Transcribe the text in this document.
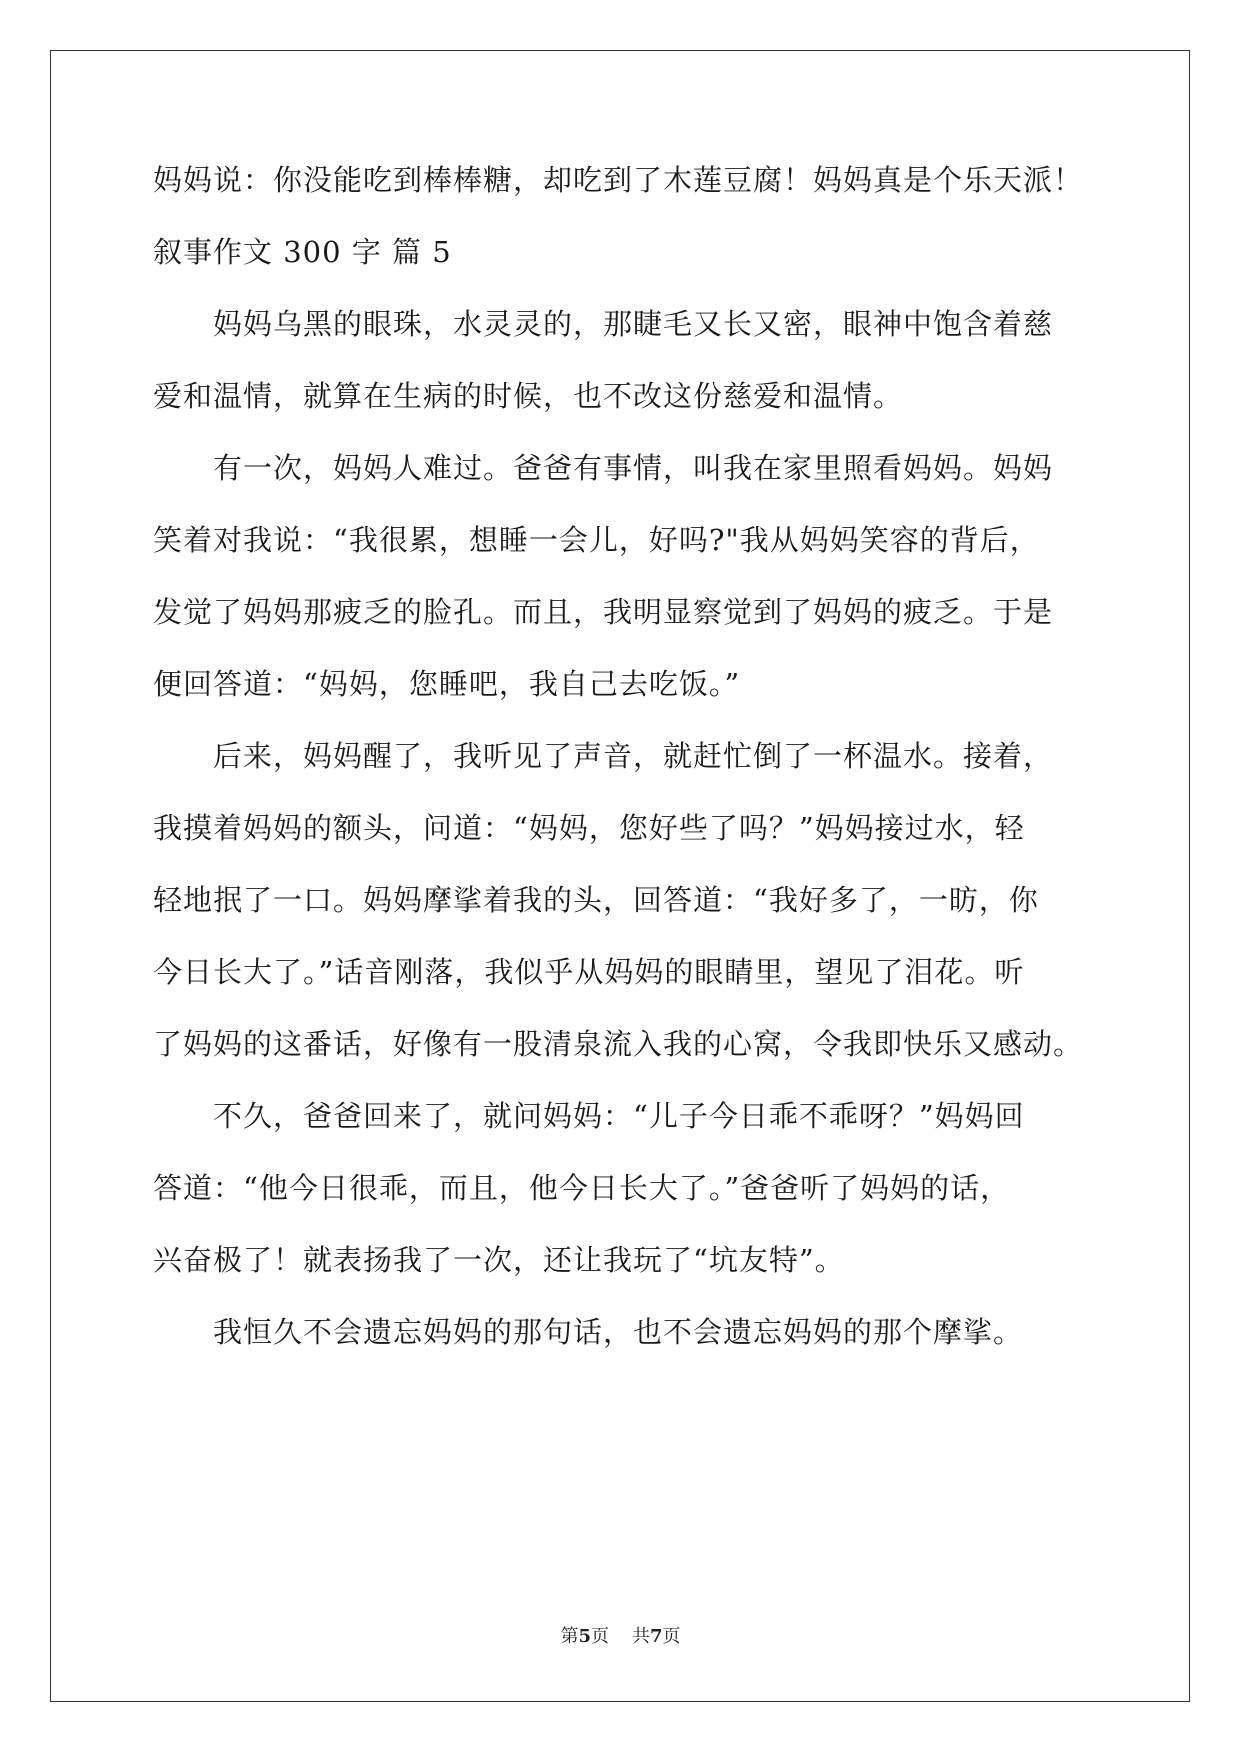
妈妈说：你没能吃到棒棒糖，却吃到了木莲豆腐！妈妈真是个乐天派！
叙事作文 300 字 篇 5
妈妈乌黑的眼珠，水灵灵的，那睫毛又长又密，眼神中饱含着慈
爱和温情，就算在生病的时候，也不改这份慈爱和温情。
有一次，妈妈人难过。爸爸有事情，叫我在家里照看妈妈。妈妈
笑着对我说：“我很累，想睡一会儿，好吗?"我从妈妈笑容的背后，
发觉了妈妈那疲乏的脸孔。而且，我明显察觉到了妈妈的疲乏。于是
便回答道：“妈妈，您睡吧，我自己去吃饭。”
后来，妈妈醒了，我听见了声音，就赶忙倒了一杯温水。接着，
我摸着妈妈的额头，问道：“妈妈，您好些了吗？”妈妈接过水，轻
轻地抿了一口。妈妈摩挲着我的头，回答道：“我好多了，一昉，你
今日长大了。”话音刚落，我似乎从妈妈的眼睛里，望见了泪花。听
了妈妈的这番话，好像有一股清泉流入我的心窝，令我即快乐又感动。
不久，爸爸回来了，就问妈妈：“儿子今日乖不乖呀？”妈妈回
答道：“他今日很乖，而且，他今日长大了。”爸爸听了妈妈的话，
兴奋极了！就表扬我了一次，还让我玩了“坑友特”。
我恒久不会遗忘妈妈的那句话，也不会遗忘妈妈的那个摩挲。
第5页 共7页
